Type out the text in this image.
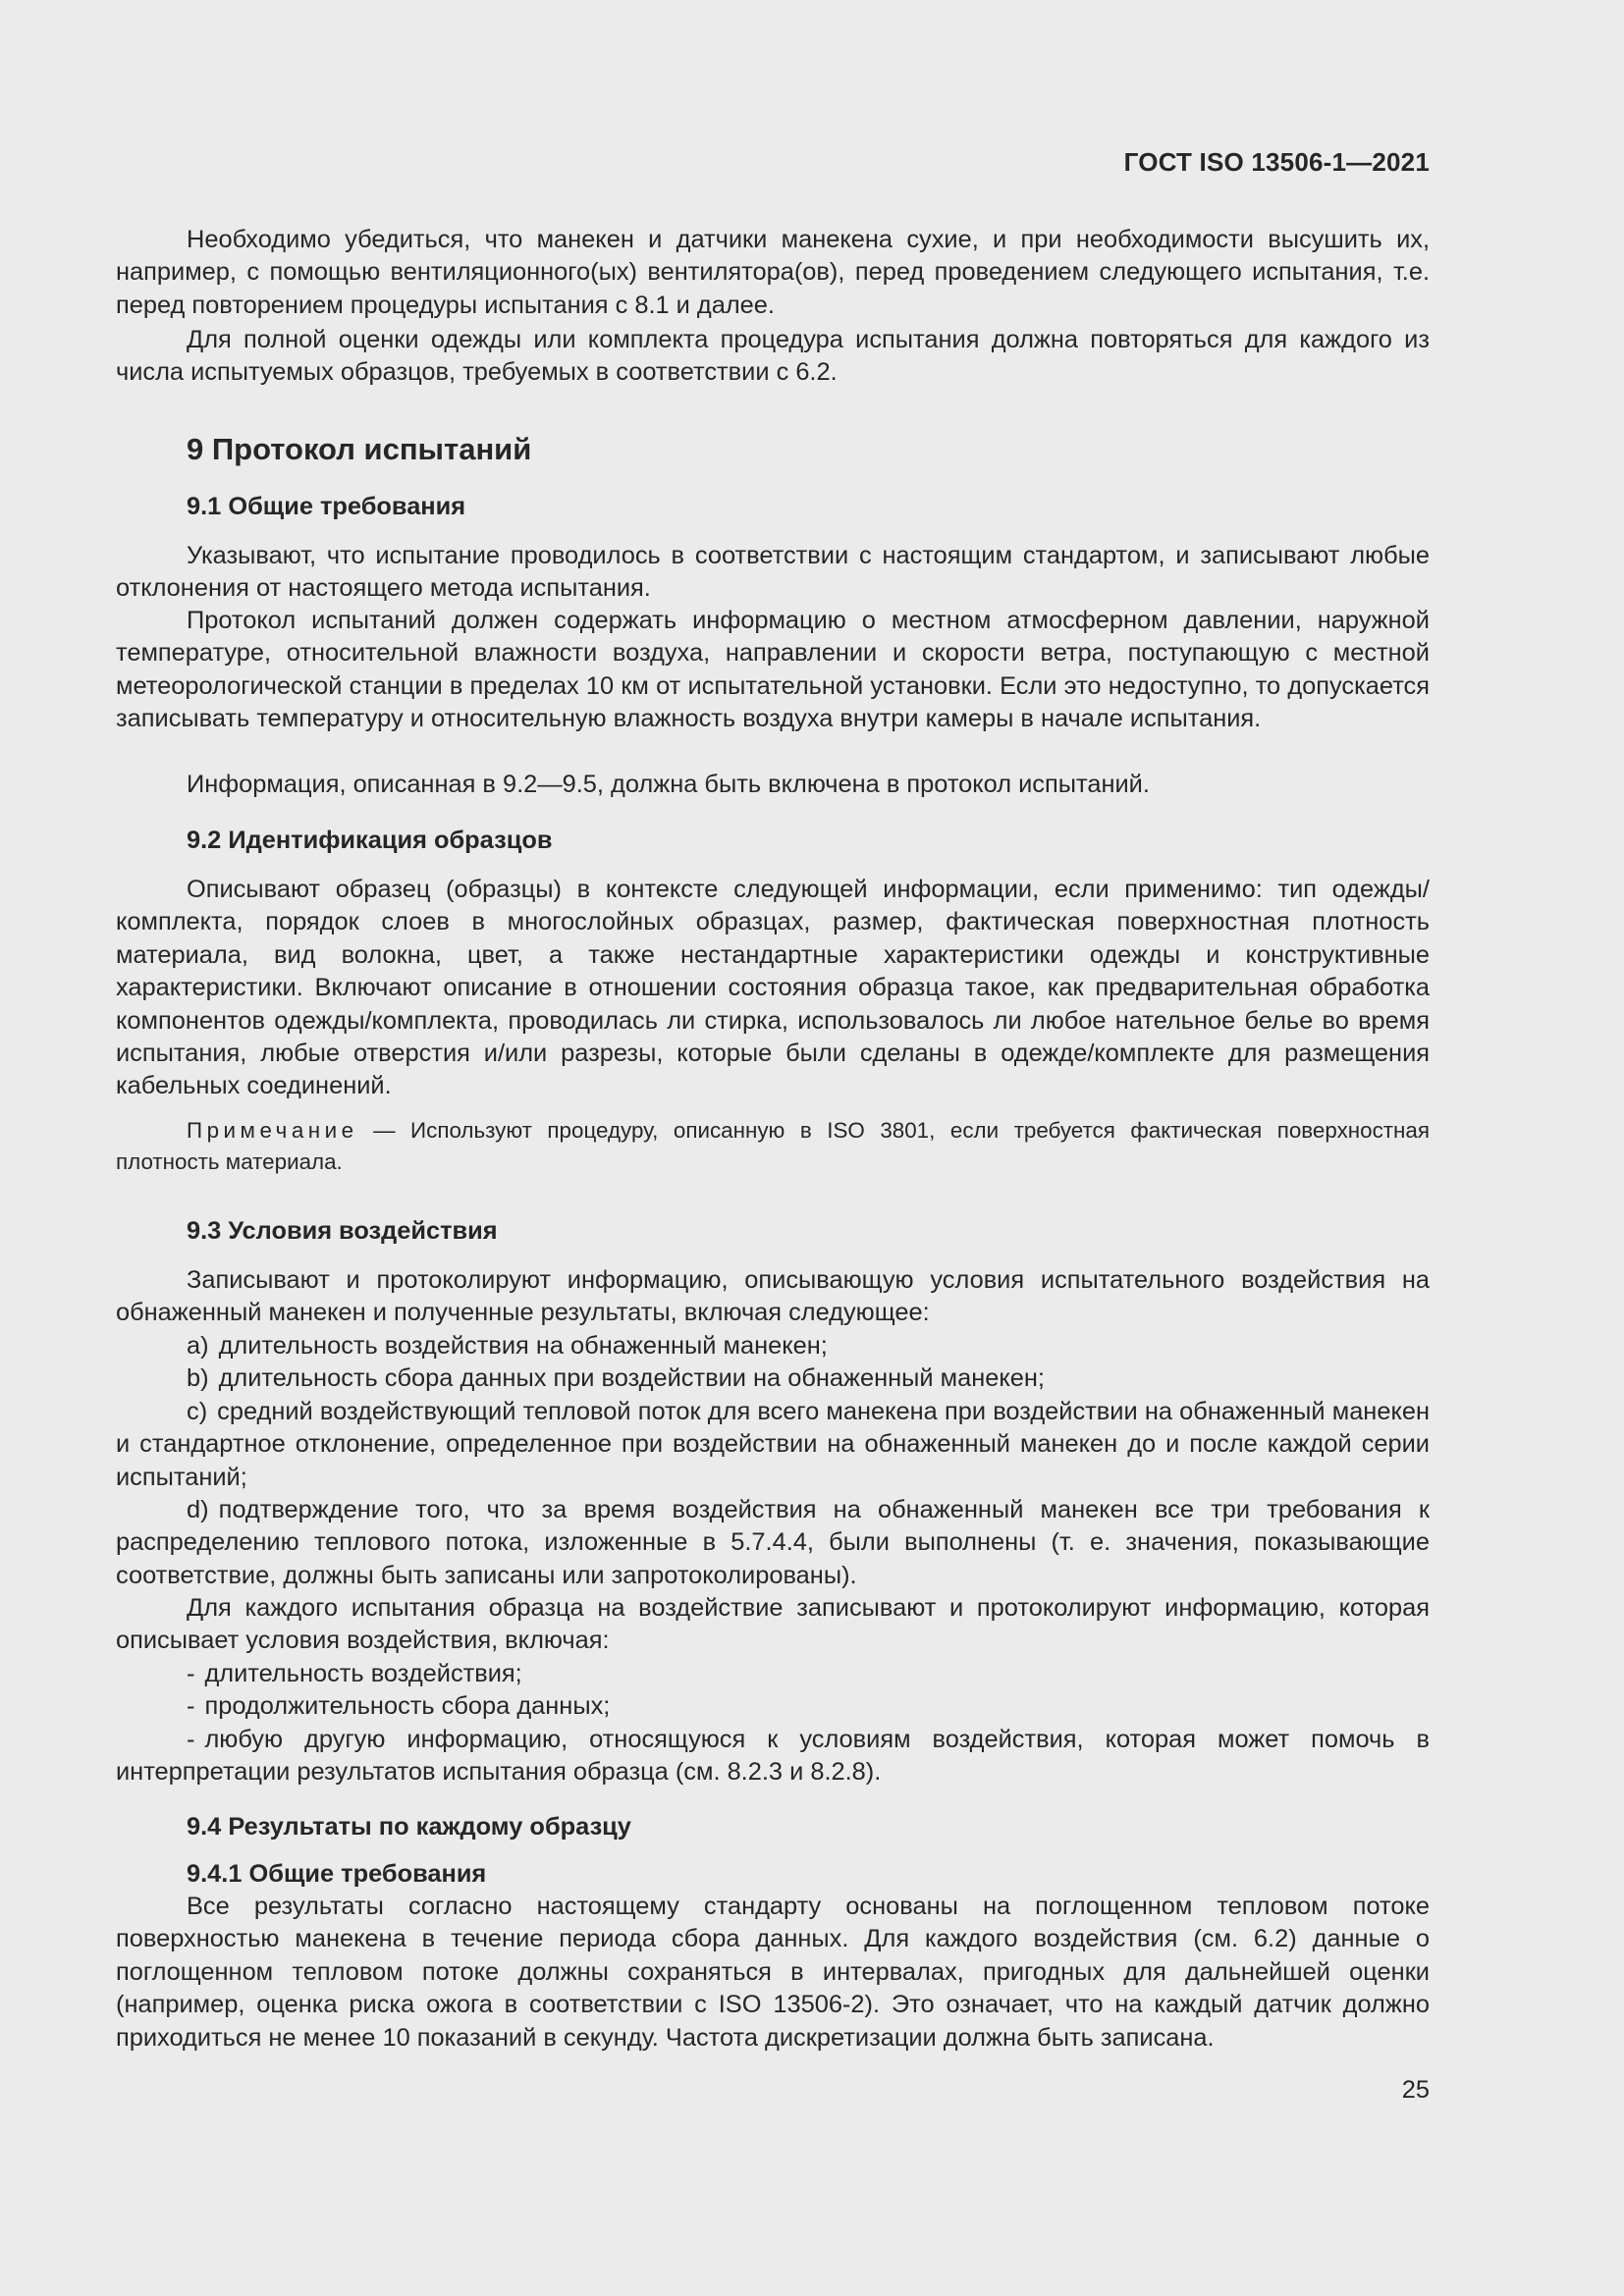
ГОСТ ISO 13506-1—2021

Необходимо убедиться, что манекен и датчики манекена сухие, и при необходимости высушить их, например, с помощью вентиляционного(ых) вентилятора(ов), перед проведением следующего испытания, т.е. перед повторением процедуры испытания с 8.1 и далее.

Для полной оценки одежды или комплекта процедура испытания должна повторяться для каждого из числа испытуемых образцов, требуемых в соответствии с 6.2.

9 Протокол испытаний
9.1 Общие требования

Указывают, что испытание проводилось в соответствии с настоящим стандартом, и записывают любые отклонения от настоящего метода испытания.

Протокол испытаний должен содержать информацию о местном атмосферном давлении, наружной температуре, относительной влажности воздуха, направлении и скорости ветра, поступающую с местной метеорологической станции в пределах 10 км от испытательной установки. Если это недоступно, то допускается записывать температуру и относительную влажность воздуха внутри камеры в начале испытания.

Информация, описанная в 9.2—9.5, должна быть включена в протокол испытаний.

9.2 Идентификация образцов

Описывают образец (образцы) в контексте следующей информации, если применимо: тип одежды/комплекта, порядок слоев в многослойных образцах, размер, фактическая поверхностная плотность материала, вид волокна, цвет, а также нестандартные характеристики одежды и конструктивные характеристики. Включают описание в отношении состояния образца такое, как предварительная обработка компонентов одежды/комплекта, проводилась ли стирка, использовалось ли любое нательное белье во время испытания, любые отверстия и/или разрезы, которые были сделаны в одежде/комплекте для размещения кабельных соединений.

Примечание — Используют процедуру, описанную в ISO 3801, если требуется фактическая поверхностная плотность материала.

9.3 Условия воздействия

Записывают и протоколируют информацию, описывающую условия испытательного воздействия на обнаженный манекен и полученные результаты, включая следующее:

a) длительность воздействия на обнаженный манекен;

b) длительность сбора данных при воздействии на обнаженный манекен;

c) средний воздействующий тепловой поток для всего манекена при воздействии на обнаженный манекен и стандартное отклонение, определенное при воздействии на обнаженный манекен до и после каждой серии испытаний;

d) подтверждение того, что за время воздействия на обнаженный манекен все три требования к распределению теплового потока, изложенные в 5.7.4.4, были выполнены (т. е. значения, показывающие соответствие, должны быть записаны или запротоколированы).

Для каждого испытания образца на воздействие записывают и протоколируют информацию, которая описывает условия воздействия, включая:

- длительность воздействия;

- продолжительность сбора данных;

- любую другую информацию, относящуюся к условиям воздействия, которая может помочь в интерпретации результатов испытания образца (см. 8.2.3 и 8.2.8).

9.4 Результаты по каждому образцу
9.4.1 Общие требования

Все результаты согласно настоящему стандарту основаны на поглощенном тепловом потоке поверхностью манекена в течение периода сбора данных. Для каждого воздействия (см. 6.2) данные о поглощенном тепловом потоке должны сохраняться в интервалах, пригодных для дальнейшей оценки (например, оценка риска ожога в соответствии с ISO 13506-2). Это означает, что на каждый датчик должно приходиться не менее 10 показаний в секунду. Частота дискретизации должна быть записана.

25
